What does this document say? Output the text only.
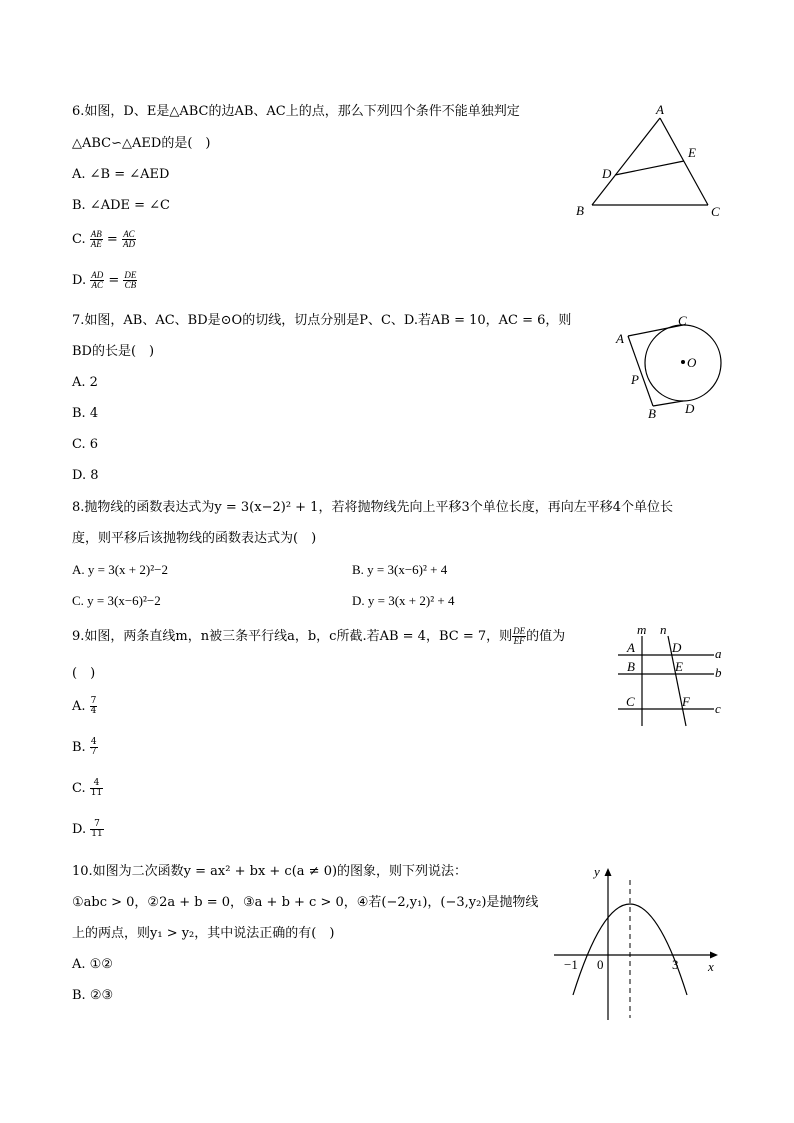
6.如图，D、E是△ABC的边AB、AC上的点，那么下列四个条件不能单独判定
△ABC∽△AED的是(　)
A. ∠B = ∠AED
B. ∠ADE = ∠C
C. $\frac{AB}{AE} = \frac{AC}{AD}$
D. $\frac{AD}{AC} = \frac{DE}{CB}$
A
E
D
B	C
7.如图，AB、AC、BD是⊙O的切线，切点分别是P、C、D.若AB = 10，AC = 6，则
BD的长是(　)
A. 2
B. 4
C. 6
D. 8
O
C
A
P
B D
8.抛物线的函数表达式为y = 3(x−2)² + 1，若将抛物线先向上平移3个单位长度，再向左平移4个单位长
度，则平移后该抛物线的函数表达式为(　)
A. y = 3(x + 2)²−2	B. y = 3(x−6)² + 4
C. y = 3(x−6)²−2	D. y = 3(x + 2)² + 4
9.如图，两条直线m，n被三条平行线a，b，c所截.若AB = 4，BC = 7，则 $\frac{DE}{EF}$ 的值为
(　)
A. $\frac{7}{4}$
B. $\frac{4}{7}$
C. $\frac{4}{11}$
D. $\frac{7}{11}$
m n
a
b
c
A
B
C
D
E
F
10.如图为二次函数y = ax² + bx + c(a ≠ 0)的图象，则下列说法：
①abc > 0，②2a + b = 0，③a + b + c > 0，④若(−2,y₁)，(−3,y₂)是抛物线
上的两点，则y₁ > y₂，其中说法正确的有(　)
A. ①②
B. ②③
y
x
−1 0	3
